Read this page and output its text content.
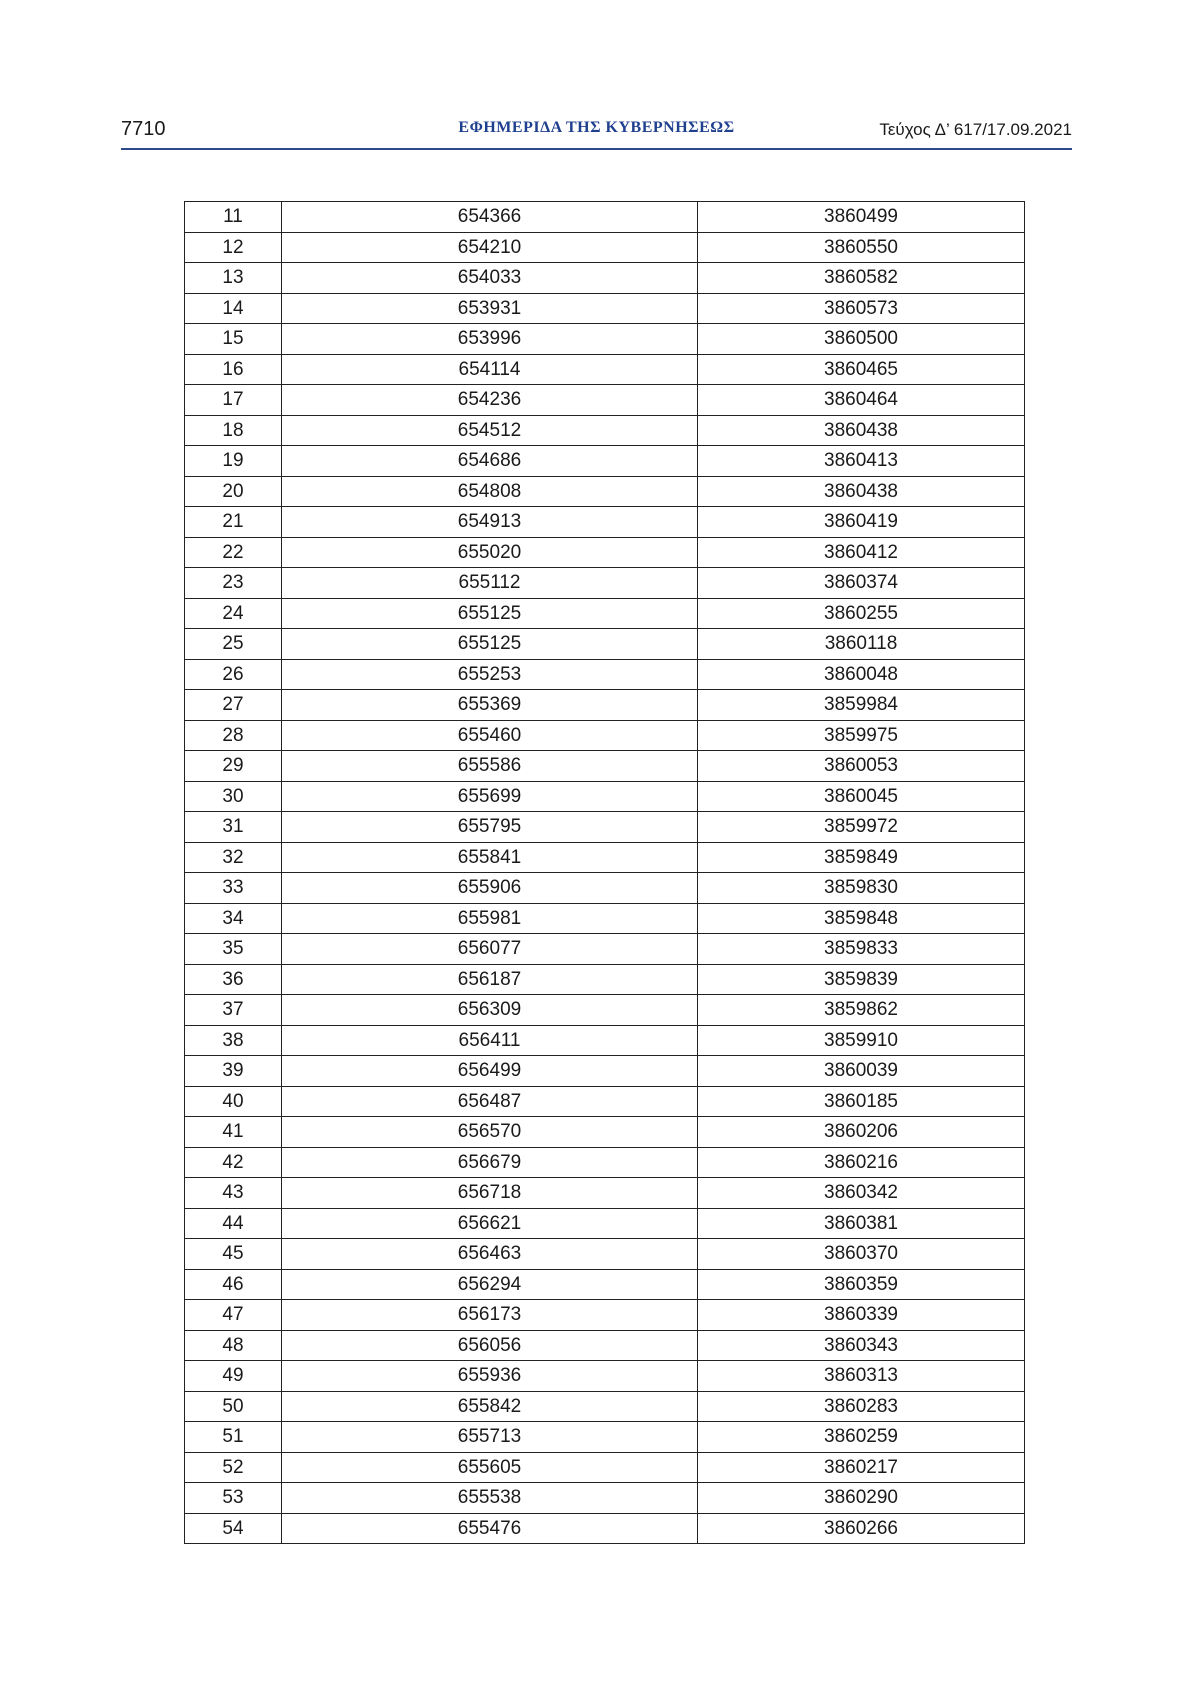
7710	ΕΦΗΜΕΡΙΔΑ ΤΗΣ ΚΥΒΕΡΝΗΣΕΩΣ	Τεύχος Δ’ 617/17.09.2021
11	654366	3860499
12	654210	3860550
13	654033	3860582
14	653931	3860573
15	653996	3860500
16	654114	3860465
17	654236	3860464
18	654512	3860438
19	654686	3860413
20	654808	3860438
21	654913	3860419
22	655020	3860412
23	655112	3860374
24	655125	3860255
25	655125	3860118
26	655253	3860048
27	655369	3859984
28	655460	3859975
29	655586	3860053
30	655699	3860045
31	655795	3859972
32	655841	3859849
33	655906	3859830
34	655981	3859848
35	656077	3859833
36	656187	3859839
37	656309	3859862
38	656411	3859910
39	656499	3860039
40	656487	3860185
41	656570	3860206
42	656679	3860216
43	656718	3860342
44	656621	3860381
45	656463	3860370
46	656294	3860359
47	656173	3860339
48	656056	3860343
49	655936	3860313
50	655842	3860283
51	655713	3860259
52	655605	3860217
53	655538	3860290
54	655476	3860266
